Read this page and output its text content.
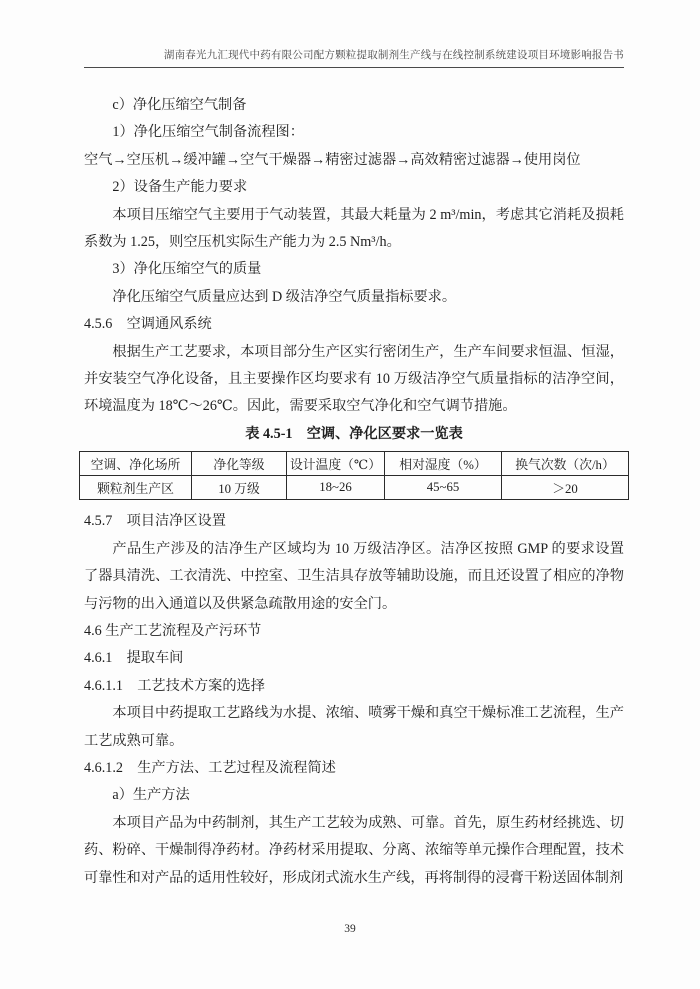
湖南春光九汇现代中药有限公司配方颗粒提取制剂生产线与在线控制系统建设项目环境影响报告书
c）净化压缩空气制备
1）净化压缩空气制备流程图：
空气→空压机→缓冲罐→空气干燥器→精密过滤器→高效精密过滤器→使用岗位
2）设备生产能力要求

本项目压缩空气主要用于气动装置，其最大耗量为 2 m³/min，考虑其它消耗及损耗系数为 1.25，则空压机实际生产能力为 2.5 Nm³/h。

3）净化压缩空气的质量

净化压缩空气质量应达到 D 级洁净空气质量指标要求。

4.5.6　空调通风系统

根据生产工艺要求，本项目部分生产区实行密闭生产，生产车间要求恒温、恒湿，并安装空气净化设备，且主要操作区均要求有 10 万级洁净空气质量指标的洁净空间，环境温度为 18℃～26℃。因此，需要采取空气净化和空气调节措施。

表 4.5-1　空调、净化区要求一览表
空调、净化场所	净化等级	设计温度（℃）	相对湿度（%）	换气次数（次/h）
颗粒剂生产区	10 万级	18~26	45~65	＞20
4.5.7　项目洁净区设置

产品生产涉及的洁净生产区域均为 10 万级洁净区。洁净区按照 GMP 的要求设置了器具清洗、工衣清洗、中控室、卫生洁具存放等辅助设施，而且还设置了相应的净物与污物的出入通道以及供紧急疏散用途的安全门。

4.6 生产工艺流程及产污环节
4.6.1　提取车间
4.6.1.1　工艺技术方案的选择

本项目中药提取工艺路线为水提、浓缩、喷雾干燥和真空干燥标准工艺流程，生产工艺成熟可靠。

4.6.1.2　生产方法、工艺过程及流程简述
a）生产方法

本项目产品为中药制剂，其生产工艺较为成熟、可靠。首先，原生药材经挑选、切药、粉碎、干燥制得净药材。净药材采用提取、分离、浓缩等单元操作合理配置，技术可靠性和对产品的适用性较好，形成闭式流水生产线，再将制得的浸膏干粉送固体制剂

39
